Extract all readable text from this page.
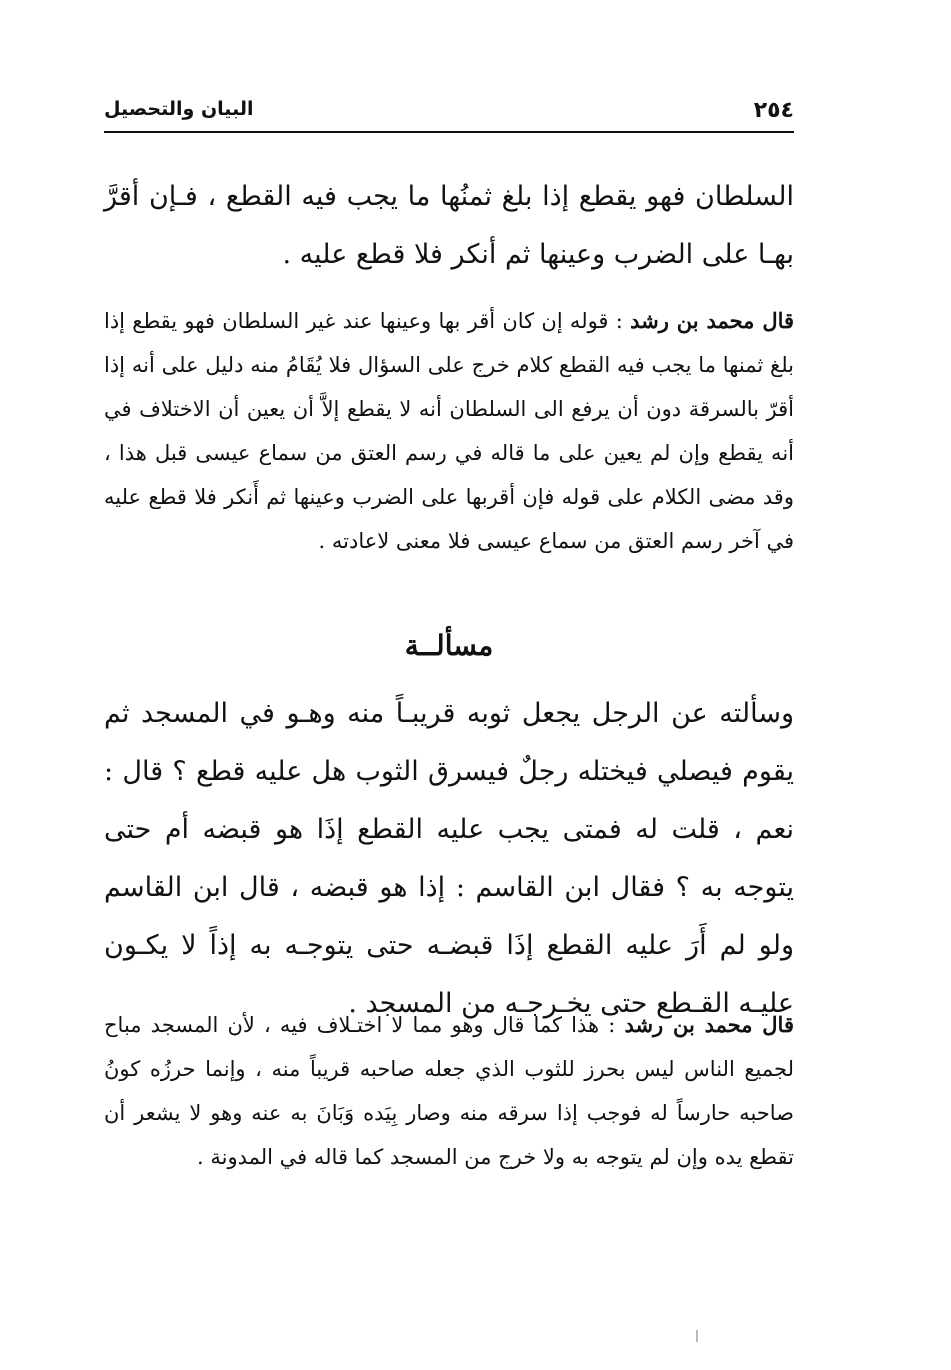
٢٥٤
البيان والتحصيل

السلطان فهو يقطع إذا بلغ ثمنُها ما يجب فيه القطع ، فـإن أقرَّ بهـا على الضرب وعينها ثم أنكر فلا قطع عليه .

قال محمد بن رشد : قوله إن كان أقر بها وعينها عند غير السلطان فهو يقطع إذا بلغ ثمنها ما يجب فيه القطع كلام خرج على السؤال فلا يُقَامُ منه دليل على أنه إذا أقرّ بالسرقة دون أن يرفع الى السلطان أنه لا يقطع إلاَّ أن يعين أن الاختلاف في أنه يقطع وإن لم يعين على ما قاله في رسم العتق من سماع عيسى قبل هذا ، وقد مضى الكلام على قوله فإن أقربها على الضرب وعينها ثم أَنكر فلا قطع عليه في آخر رسم العتق من سماع عيسى فلا معنى لاعادته .

مسألــة

وسألته عن الرجل يجعل ثوبه قريبـاً منه وهـو في المسجد ثم يقوم فيصلي فيختله رجلٌ فيسرق الثوب هل عليه قطع ؟ قال : نعم ، قلت له فمتى يجب عليه القطع إذَا هو قبضه أم حتى يتوجه به ؟ فقال ابن القاسم : إذا هو قبضه ، قال ابن القاسم ولو لم أَرَ عليه القطع إذَا قبضـه حتى يتوجـه به إذاً لا يكـون عليـه القـطع حتى يخـرجـه من المسجد .

قال محمد بن رشد : هذا كما قال وهو مما لا اختـلاف فيه ، لأن المسجد مباح لجميع الناس ليس بحرز للثوب الذي جعله صاحبه قريباً منه ، وإنما حرزُه كونُ صاحبه حارساً له فوجب إذا سرقه منه وصار بِيَده وَبَانَ به عنه وهو لا يشعر أن تقطع يده وإن لم يتوجه به ولا خرج من المسجد كما قاله في المدونة .
